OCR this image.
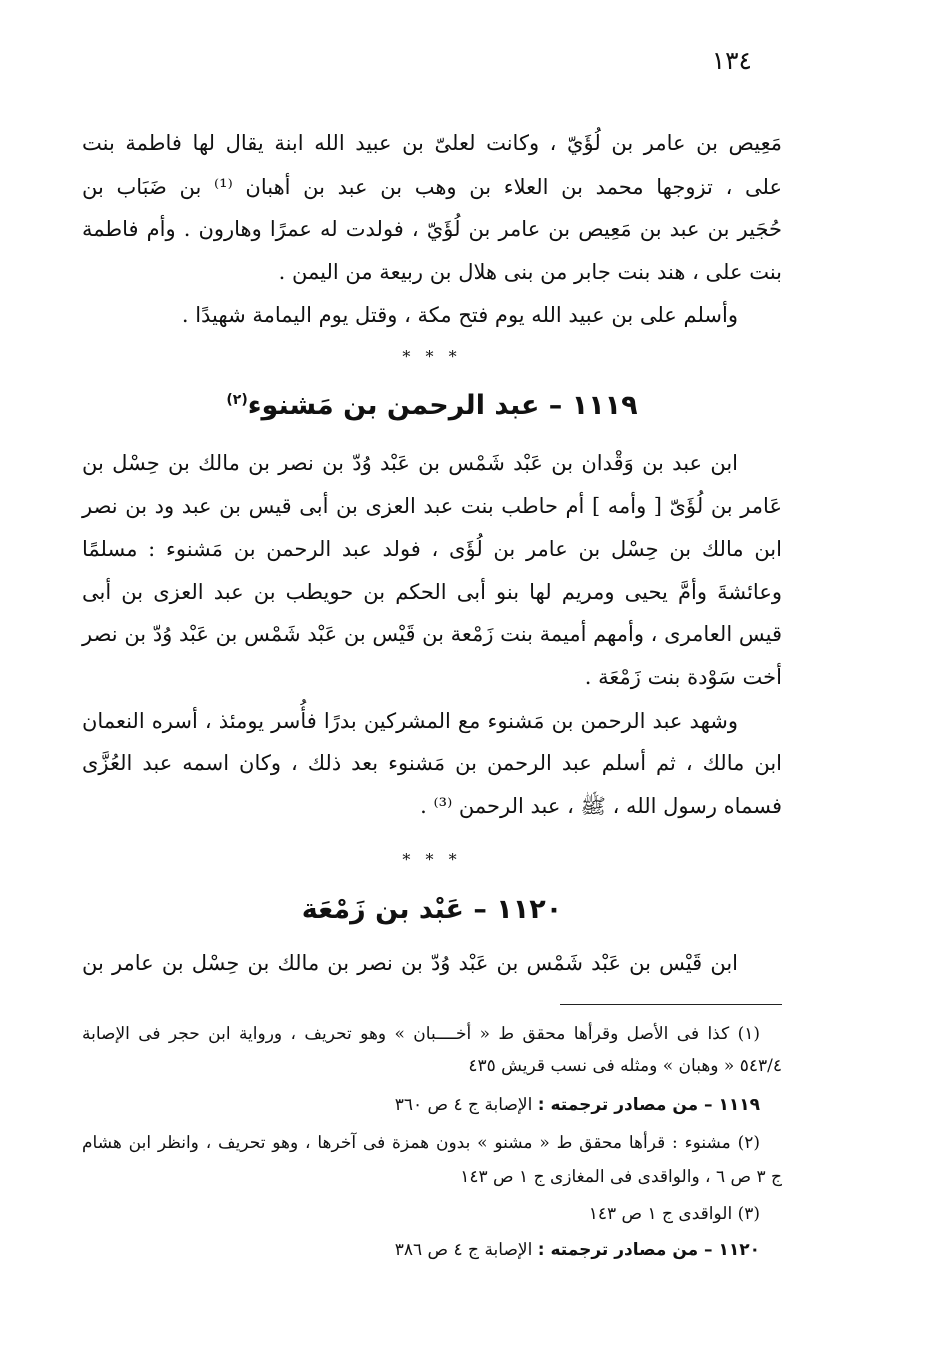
١٣٤
مَعِيص بن عامر بن لُؤَيّ ، وكانت لعلىّ بن عبيد الله ابنة يقال لها فاطمة بنت
على ، تزوجها محمد بن العلاء بن وهب بن عبد بن أهبان ⁽¹⁾ بن ضَبَاب بن
حُجَير بن عبد بن مَعِيص بن عامر بن لُؤَيّ ، فولدت له عمرًا وهارون . وأم فاطمة
بنت على ، هند بنت جابر من بنى هلال بن ربيعة من اليمن .
وأسلم على بن عبيد الله يوم فتح مكة ، وقتل يوم اليمامة شهيدًا .
* * *
١١١٩ – عبد الرحمن بن مَشنوء$^{(٢)}$
ابن عبد بن وَقْدان بن عَبْد شَمْس بن عَبْد وُدّ بن نصر بن مالك بن حِسْل بن
عَامر بن لُؤَىّ [ وأمه ] أم حاطب بنت عبد العزى بن أبى قيس بن عبد ود بن نصر
ابن مالك بن حِسْل بن عامر بن لُؤَى ، فولد عبد الرحمن بن مَشنوء : مسلمًا
وعائشةَ وأمَّ يحيى ومريم لها بنو أبى الحكم بن حويطب بن عبد العزى بن أبى
قيس العامرى ، وأمهم أميمة بنت زَمْعة بن قَيْس بن عَبْد شَمْس بن عَبْد وُدّ بن نصر
أخت سَوْدة بنت زَمْعَة .
وشهد عبد الرحمن بن مَشنوء مع المشركين بدرًا فأُسر يومئذ ، أسره النعمان
ابن مالك ، ثم أسلم عبد الرحمن بن مَشنوء بعد ذلك ، وكان اسمه عبد العُزَّى
فسماه رسول الله ، ﷺ ، عبد الرحمن ⁽³⁾ .
* * *
١١٢٠ – عَبْد بن زَمْعَة
ابن قَيْس بن عَبْد شَمْس بن عَبْد وُدّ بن نصر بن مالك بن حِسْل بن عامر بن
(١) كذا فى الأصل وقرأها محقق ط « أخــــبان » وهو تحريف ، ورواية ابن حجر فى الإصابة
٥٤٣/٤ « وهبان » ومثله فى نسب قريش ٤٣٥
١١١٩ – من مصادر ترجمته : الإصابة ج ٤ ص ٣٦٠
(٢) مشنوء : قرأها محقق ط « مشنو » بدون همزة فى آخرها ، وهو تحريف ، وانظر ابن هشام
ج ٣ ص ٦ ، والواقدى فى المغازى ج ١ ص ١٤٣
(٣) الواقدى ج ١ ص ١٤٣
١١٢٠ – من مصادر ترجمته : الإصابة ج ٤ ص ٣٨٦
